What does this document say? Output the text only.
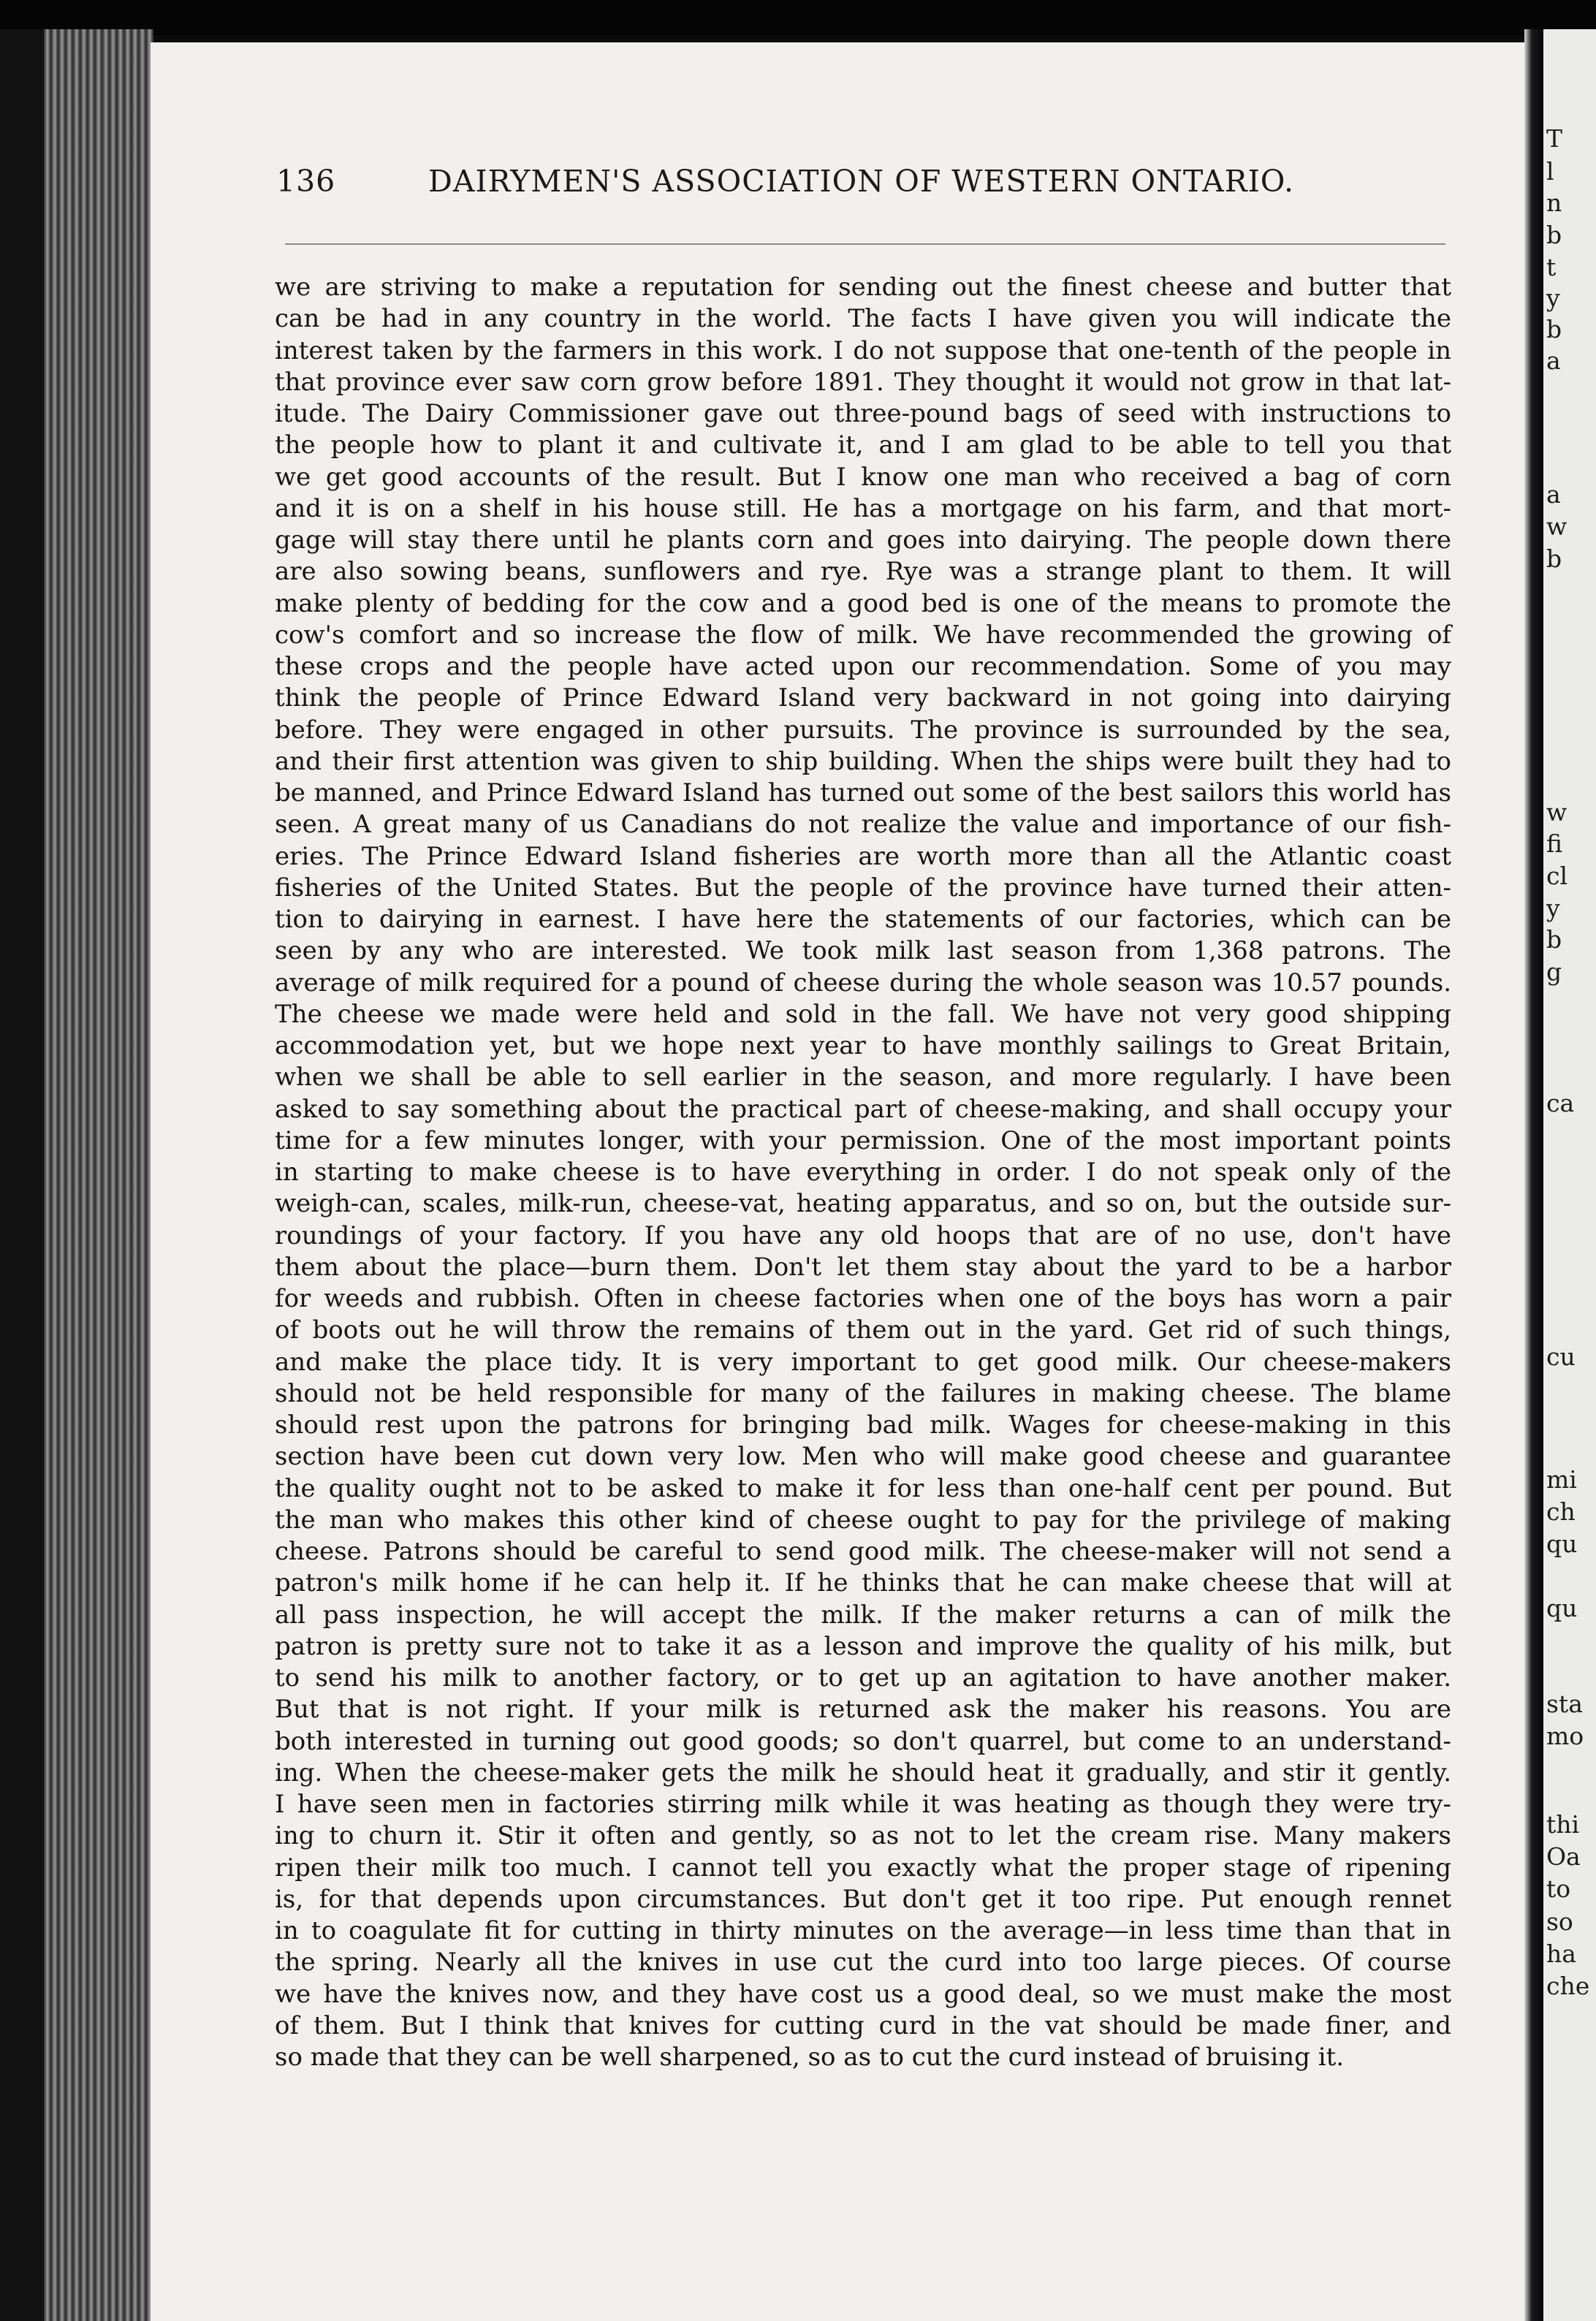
136	DAIRYMEN'S ASSOCIATION OF WESTERN ONTARIO.
we are striving to make a reputation for sending out the finest cheese and butter that
can be had in any country in the world. The facts I have given you will indicate the
interest taken by the farmers in this work. I do not suppose that one-tenth of the people in
that province ever saw corn grow before 1891. They thought it would not grow in that lat-
itude. The Dairy Commissioner gave out three-pound bags of seed with instructions to
the people how to plant it and cultivate it, and I am glad to be able to tell you that
we get good accounts of the result. But I know one man who received a bag of corn
and it is on a shelf in his house still. He has a mortgage on his farm, and that mort-
gage will stay there until he plants corn and goes into dairying. The people down there
are also sowing beans, sunflowers and rye. Rye was a strange plant to them. It will
make plenty of bedding for the cow and a good bed is one of the means to promote the
cow's comfort and so increase the flow of milk. We have recommended the growing of
these crops and the people have acted upon our recommendation. Some of you may
think the people of Prince Edward Island very backward in not going into dairying
before. They were engaged in other pursuits. The province is surrounded by the sea,
and their first attention was given to ship building. When the ships were built they had to
be manned, and Prince Edward Island has turned out some of the best sailors this world has
seen. A great many of us Canadians do not realize the value and importance of our fish-
eries. The Prince Edward Island fisheries are worth more than all the Atlantic coast
fisheries of the United States. But the people of the province have turned their atten-
tion to dairying in earnest. I have here the statements of our factories, which can be
seen by any who are interested. We took milk last season from 1,368 patrons. The
average of milk required for a pound of cheese during the whole season was 10.57 pounds.
The cheese we made were held and sold in the fall. We have not very good shipping
accommodation yet, but we hope next year to have monthly sailings to Great Britain,
when we shall be able to sell earlier in the season, and more regularly. I have been
asked to say something about the practical part of cheese-making, and shall occupy your
time for a few minutes longer, with your permission. One of the most important points
in starting to make cheese is to have everything in order. I do not speak only of the
weigh-can, scales, milk-run, cheese-vat, heating apparatus, and so on, but the outside sur-
roundings of your factory. If you have any old hoops that are of no use, don't have
them about the place—burn them. Don't let them stay about the yard to be a harbor
for weeds and rubbish. Often in cheese factories when one of the boys has worn a pair
of boots out he will throw the remains of them out in the yard. Get rid of such things,
and make the place tidy. It is very important to get good milk. Our cheese-makers
should not be held responsible for many of the failures in making cheese. The blame
should rest upon the patrons for bringing bad milk. Wages for cheese-making in this
section have been cut down very low. Men who will make good cheese and guarantee
the quality ought not to be asked to make it for less than one-half cent per pound. But
the man who makes this other kind of cheese ought to pay for the privilege of making
cheese. Patrons should be careful to send good milk. The cheese-maker will not send a
patron's milk home if he can help it. If he thinks that he can make cheese that will at
all pass inspection, he will accept the milk. If the maker returns a can of milk the
patron is pretty sure not to take it as a lesson and improve the quality of his milk, but
to send his milk to another factory, or to get up an agitation to have another maker.
But that is not right. If your milk is returned ask the maker his reasons. You are
both interested in turning out good goods; so don't quarrel, but come to an understand-
ing. When the cheese-maker gets the milk he should heat it gradually, and stir it gently.
I have seen men in factories stirring milk while it was heating as though they were try-
ing to churn it. Stir it often and gently, so as not to let the cream rise. Many makers
ripen their milk too much. I cannot tell you exactly what the proper stage of ripening
is, for that depends upon circumstances. But don't get it too ripe. Put enough rennet
in to coagulate fit for cutting in thirty minutes on the average—in less time than that in
the spring. Nearly all the knives in use cut the curd into too large pieces. Of course
we have the knives now, and they have cost us a good deal, so we must make the most
of them. But I think that knives for cutting curd in the vat should be made finer, and
so made that they can be well sharpened, so as to cut the curd instead of bruising it.
T
l
n
b
t
y
b
a
a
w
b
w
fi
cl
y
b
g
ca
cu
mi
ch
qu
qu
sta
mo
thi
Oa
to
so
ha
che
